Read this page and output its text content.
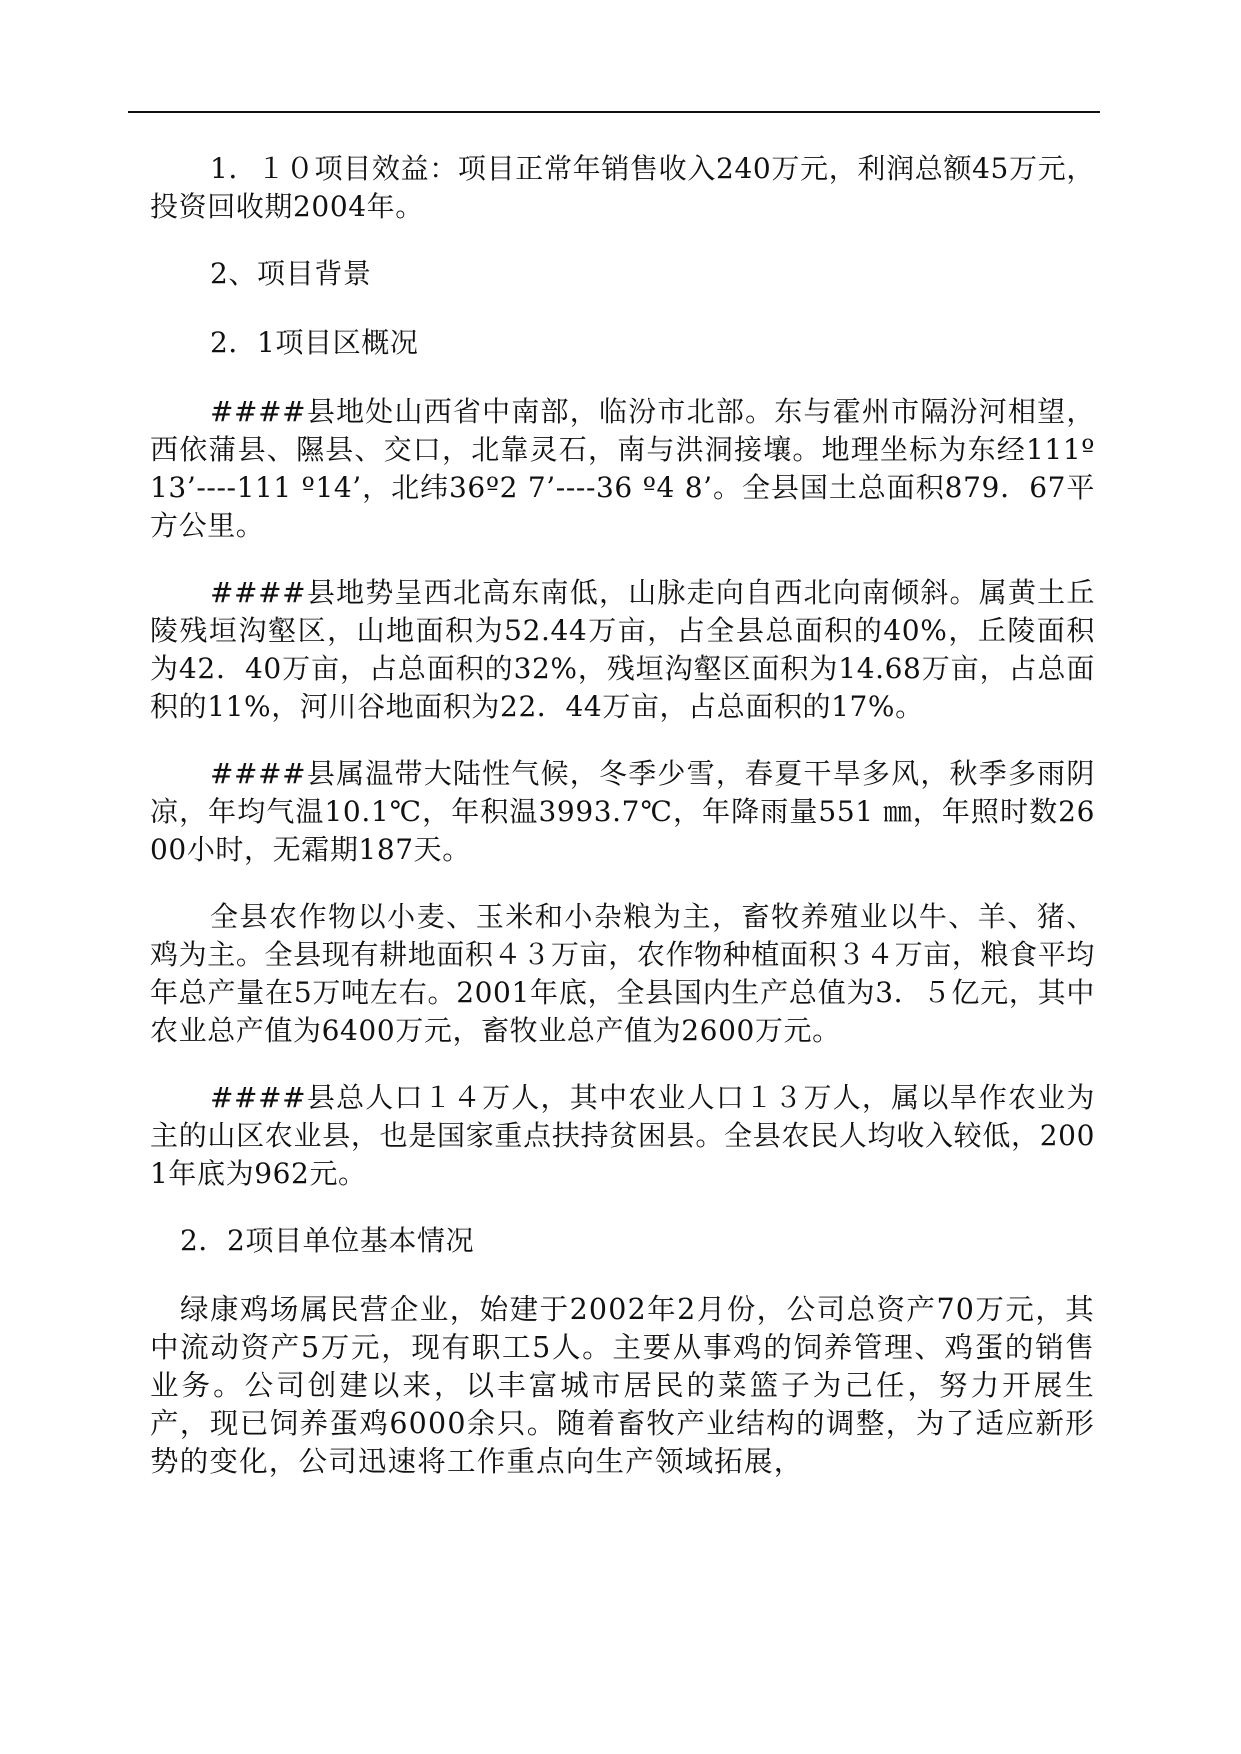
1．１０项目效益：项目正常年销售收入240万元，利润总额45万元，投资回收期2004年。

2、项目背景

2．1项目区概况

####县地处山西省中南部，临汾市北部。东与霍州市隔汾河相望，西依蒲县、隰县、交口，北靠灵石，南与洪洞接壤。地理坐标为东经111º13’----111 º14’，北纬36º2 7’----36 º4 8’。全县国土总面积879．67平方公里。

####县地势呈西北高东南低，山脉走向自西北向南倾斜。属黄土丘陵残垣沟壑区，山地面积为52.44万亩，占全县总面积的40%，丘陵面积为42．40万亩，占总面积的32%，残垣沟壑区面积为14.68万亩，占总面积的11%，河川谷地面积为22．44万亩，占总面积的17%。

####县属温带大陆性气候，冬季少雪，春夏干旱多风，秋季多雨阴凉，年均气温10.1℃，年积温3993.7℃，年降雨量551 ㎜，年照时数2600小时，无霜期187天。

全县农作物以小麦、玉米和小杂粮为主，畜牧养殖业以牛、羊、猪、鸡为主。全县现有耕地面积４３万亩，农作物种植面积３４万亩，粮食平均年总产量在5万吨左右。2001年底，全县国内生产总值为3．５亿元，其中农业总产值为6400万元，畜牧业总产值为2600万元。

####县总人口１４万人，其中农业人口１３万人，属以旱作农业为主的山区农业县，也是国家重点扶持贫困县。全县农民人均收入较低，2001年底为962元。

2．2项目单位基本情况

绿康鸡场属民营企业，始建于2002年2月份，公司总资产70万元，其中流动资产5万元，现有职工5人。主要从事鸡的饲养管理、鸡蛋的销售业务。公司创建以来，以丰富城市居民的菜篮子为己任，努力开展生产，现已饲养蛋鸡6000余只。随着畜牧产业结构的调整，为了适应新形势的变化，公司迅速将工作重点向生产领域拓展，
